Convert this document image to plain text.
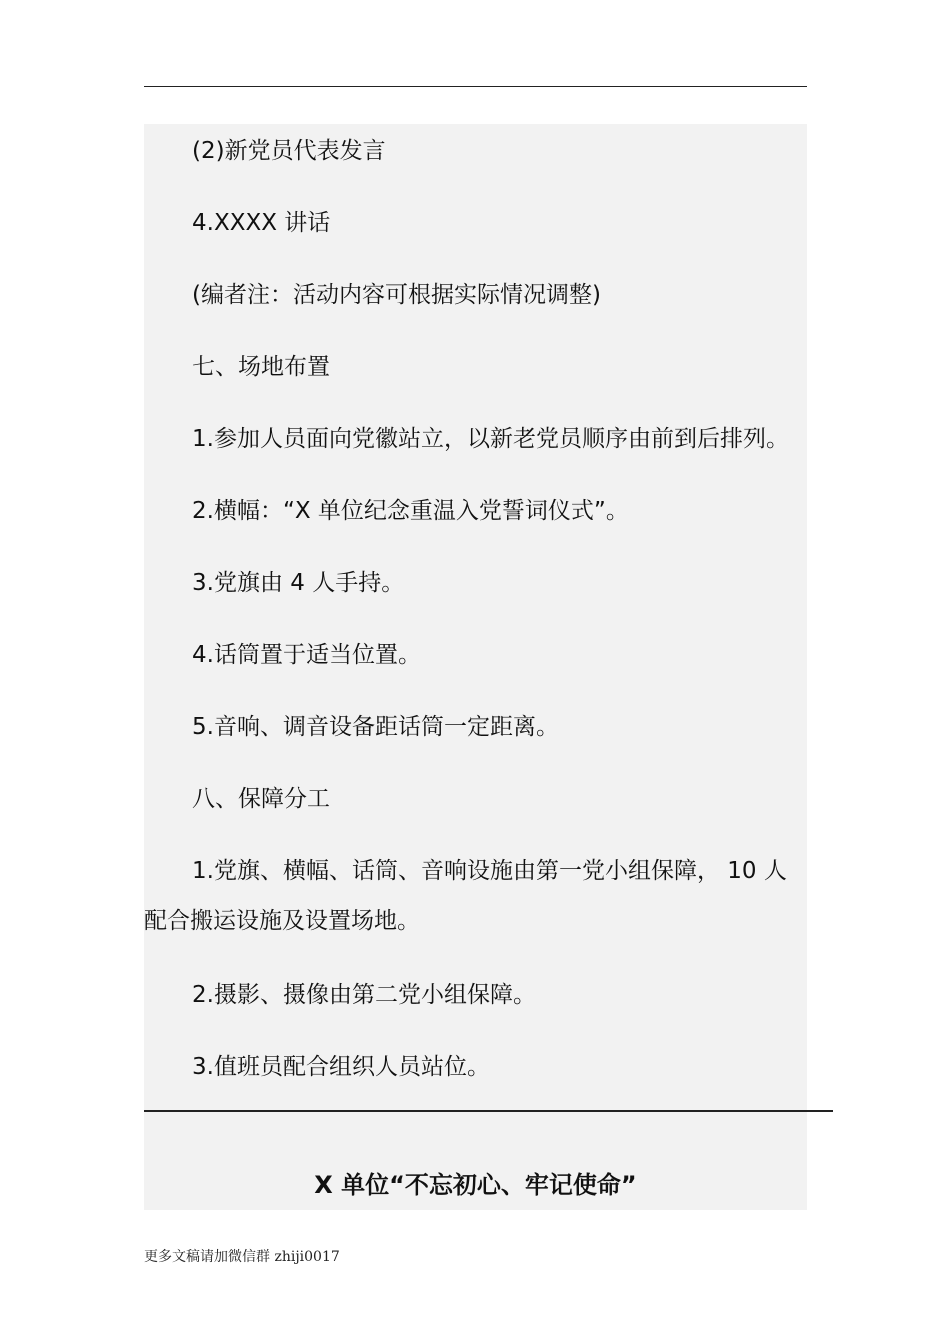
(2)新党员代表发言

4.XXXX 讲话

(编者注：活动内容可根据实际情况调整)

七、场地布置

1.参加人员面向党徽站立，以新老党员顺序由前到后排列。

2.横幅：“X 单位纪念重温入党誓词仪式”。

3.党旗由 4 人手持。

4.话筒置于适当位置。

5.音响、调音设备距话筒一定距离。

八、保障分工

1.党旗、横幅、话筒、音响设施由第一党小组保障， 10 人配合搬运设施及设置场地。

2.摄影、摄像由第二党小组保障。

3.值班员配合组织人员站位。

X 单位“不忘初心、牢记使命”
更多文稿请加微信群 zhiji0017
